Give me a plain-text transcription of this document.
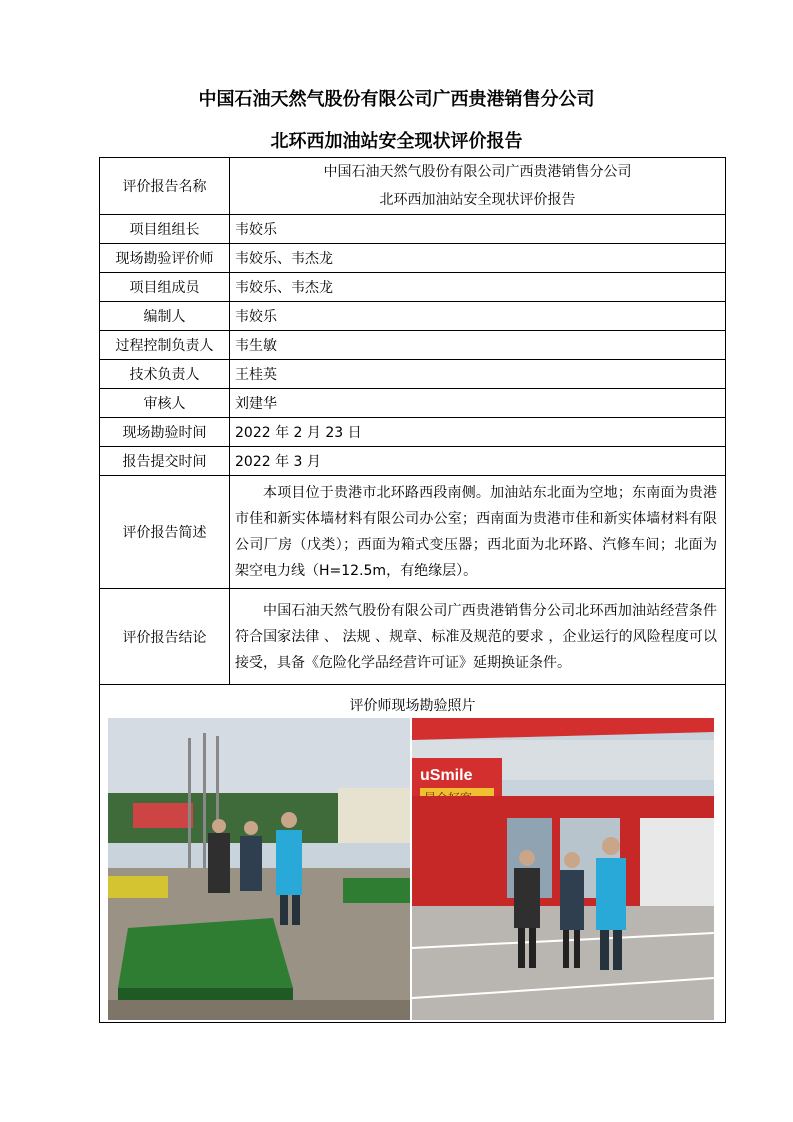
中国石油天然气股份有限公司广西贵港销售分公司
北环西加油站安全现状评价报告
评价报告名称	中国石油天然气股份有限公司广西贵港销售分公司
北环西加油站安全现状评价报告

项目组组长	韦姣乐
现场勘验评价师	韦姣乐、韦杰龙
项目组成员	韦姣乐、韦杰龙
编制人	韦姣乐
过程控制负责人	韦生敏
技术负责人	王桂英
审核人	刘建华
现场勘验时间	2022 年 2 月 23 日
报告提交时间	2022 年 3 月
评价报告简述	本项目位于贵港市北环路西段南侧。加油站东北面为空地；东南面为贵港市佳和新实体墙材料有限公司办公室；西南面为贵港市佳和新实体墙材料有限公司厂房（戊类）；西面为箱式变压器；西北面为北环路、汽修车间；北面为架空电力线（H=12.5m，有绝缘层）。
评价报告结论	中国石油天然气股份有限公司广西贵港销售分公司北环西加油站经营条件符合国家法律 、 法规 、规章、标准及规范的要求 ，企业运行的风险程度可以接受，具备《危险化学品经营许可证》延期换证条件。

评价师现场勘验照片
uSmile	
